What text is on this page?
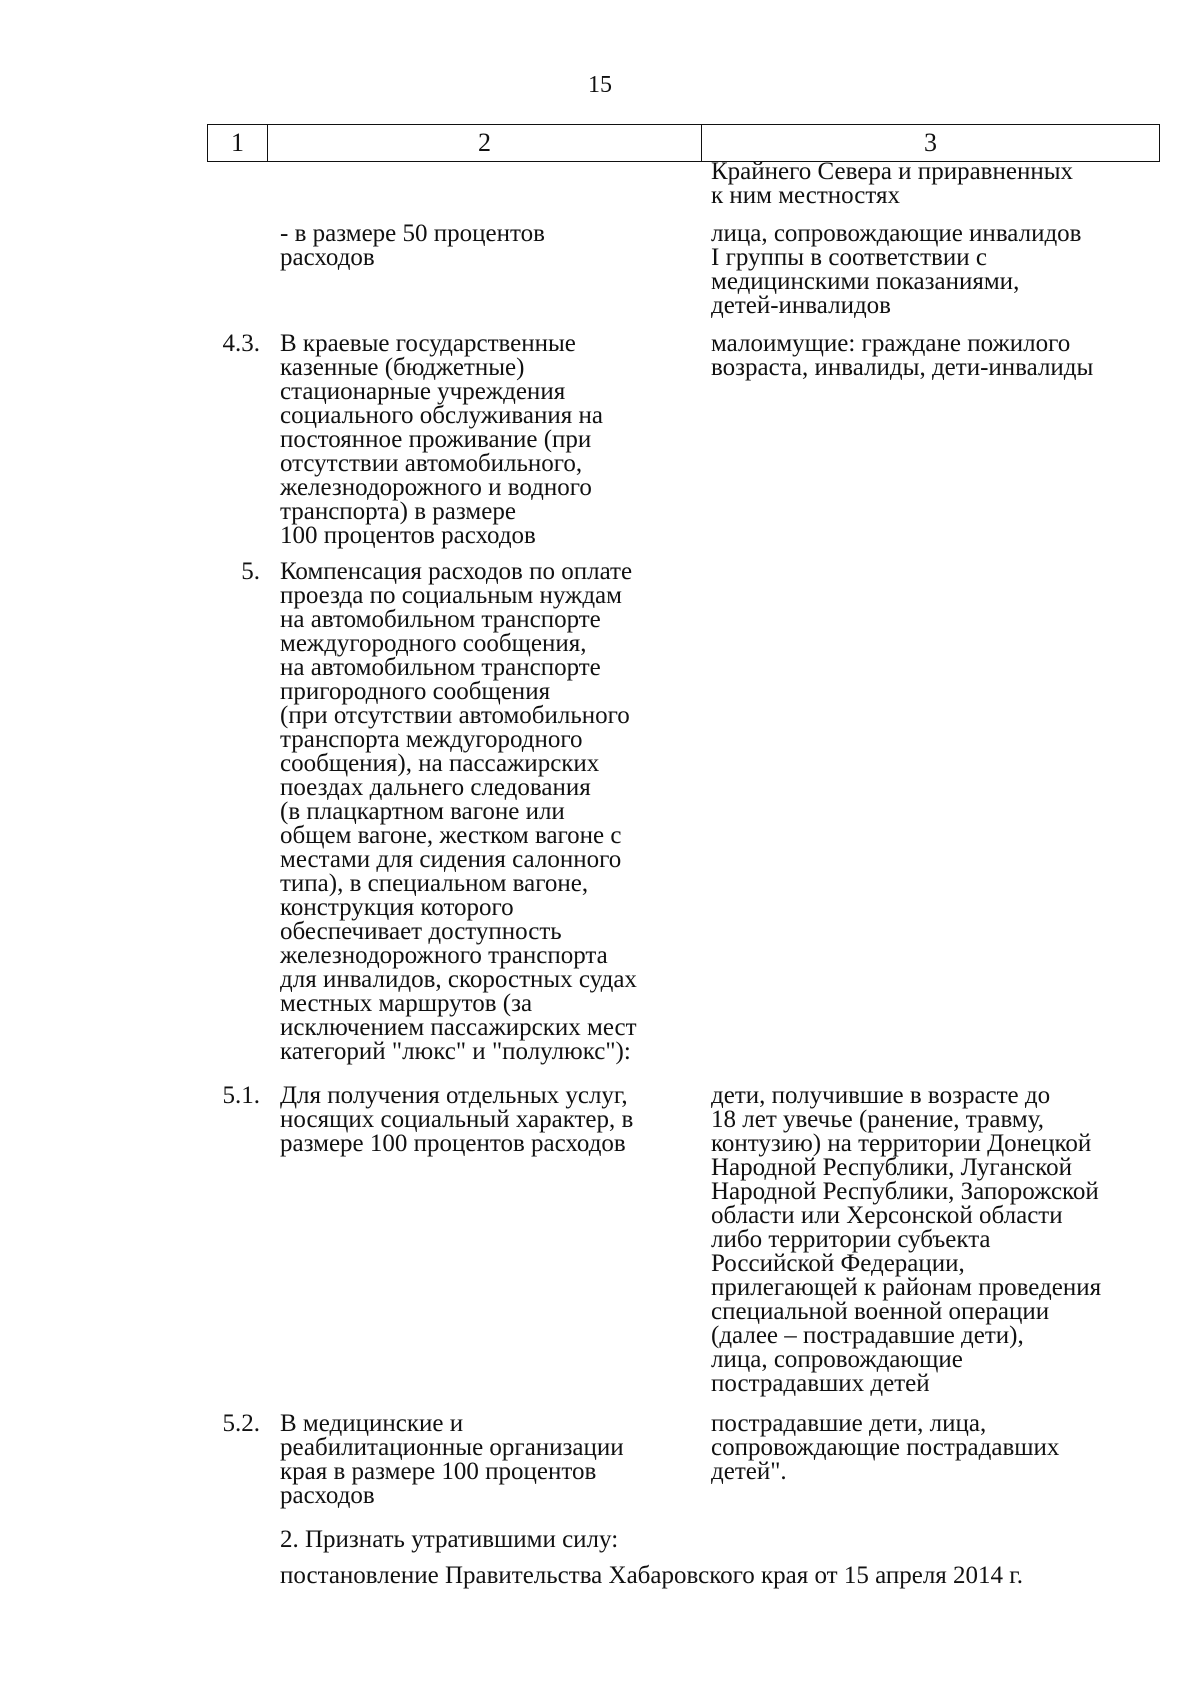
15
1	2	3
Крайнего Севера и приравненных
к ним местностях
- в размере 50 процентов
расходов
лица, сопровождающие инвалидов
I группы в соответствии с
медицинскими показаниями,
детей-инвалидов
4.3. В краевые государственные
казенные (бюджетные)
стационарные учреждения
социального обслуживания на
постоянное проживание (при
отсутствии автомобильного,
железнодорожного и водного
транспорта) в размере
100 процентов расходов
малоимущие: граждане пожилого
возраста, инвалиды, дети-инвалиды
5. Компенсация расходов по оплате
проезда по социальным нуждам
на автомобильном транспорте
междугородного сообщения,
на автомобильном транспорте
пригородного сообщения
(при отсутствии автомобильного
транспорта междугородного
сообщения), на пассажирских
поездах дальнего следования
(в плацкартном вагоне или
общем вагоне, жестком вагоне с
местами для сидения салонного
типа), в специальном вагоне,
конструкция которого
обеспечивает доступность
железнодорожного транспорта
для инвалидов, скоростных судах
местных маршрутов (за
исключением пассажирских мест
категорий "люкс" и "полулюкс"):
5.1. Для получения отдельных услуг,
носящих социальный характер, в
размере 100 процентов расходов
дети, получившие в возрасте до
18 лет увечье (ранение, травму,
контузию) на территории Донецкой
Народной Республики, Луганской
Народной Республики, Запорожской
области или Херсонской области
либо территории субъекта
Российской Федерации,
прилегающей к районам проведения
специальной военной операции
(далее – пострадавшие дети),
лица, сопровождающие
пострадавших детей
5.2. В медицинские и
реабилитационные организации
края в размере 100 процентов
расходов
пострадавшие дети, лица,
сопровождающие пострадавших
детей".
2. Признать утратившими силу:
постановление Правительства Хабаровского края от 15 апреля 2014 г.
